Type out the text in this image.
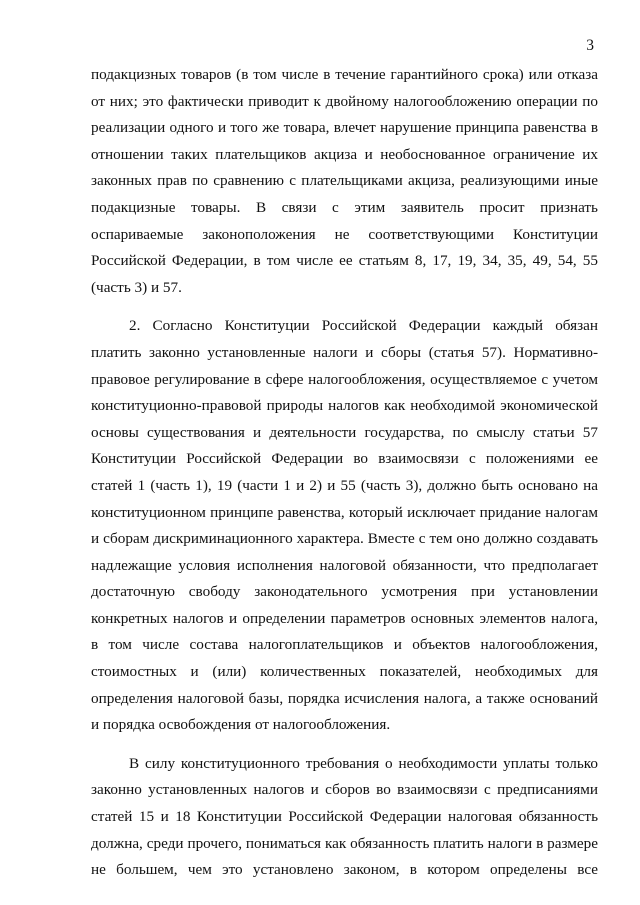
3

подакцизных товаров (в том числе в течение гарантийного срока) или отказа от них; это фактически приводит к двойному налогообложению операции по реализации одного и того же товара, влечет нарушение принципа равенства в отношении таких плательщиков акциза и необоснованное ограничение их законных прав по сравнению с плательщиками акциза, реализующими иные подакцизные товары. В связи с этим заявитель просит признать оспариваемые законоположения не соответствующими Конституции Российской Федерации, в том числе ее статьям 8, 17, 19, 34, 35, 49, 54, 55 (часть 3) и 57.

2. Согласно Конституции Российской Федерации каждый обязан платить законно установленные налоги и сборы (статья 57). Нормативно-правовое регулирование в сфере налогообложения, осуществляемое с учетом конституционно-правовой природы налогов как необходимой экономической основы существования и деятельности государства, по смыслу статьи 57 Конституции Российской Федерации во взаимосвязи с положениями ее статей 1 (часть 1), 19 (части 1 и 2) и 55 (часть 3), должно быть основано на конституционном принципе равенства, который исключает придание налогам и сборам дискриминационного характера. Вместе с тем оно должно создавать надлежащие условия исполнения налоговой обязанности, что предполагает достаточную свободу законодательного усмотрения при установлении конкретных налогов и определении параметров основных элементов налога, в том числе состава налогоплательщиков и объектов налогообложения, стоимостных и (или) количественных показателей, необходимых для определения налоговой базы, порядка исчисления налога, а также оснований и порядка освобождения от налогообложения.

В силу конституционного требования о необходимости уплаты только законно установленных налогов и сборов во взаимосвязи с предписаниями статей 15 и 18 Конституции Российской Федерации налоговая обязанность должна, среди прочего, пониматься как обязанность платить налоги в размере не большем, чем это установлено законом, в котором определены все
